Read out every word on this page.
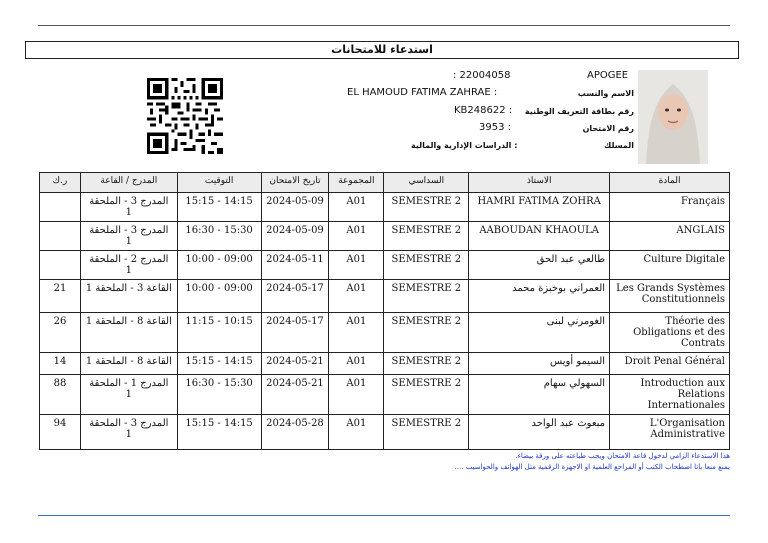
استدعاء للامتحانات
: 22004058	APOGEE
EL HAMOUD FATIMA ZAHRAE :	الاسم والنسب
KB248622 : رقم بطاقة التعريف الوطنية
3953 :	رقم الامتحان
الدراسات الإدارية والمالية :	المسلك
ر.ك	المدرج / القاعة	التوقيت	تاريخ الامتحان	المجموعة	السداسي	الاستاذ	المادة
	المدرج 3 - الملحقة 1	15:15 - 14:15	2024-05-09	A01	SEMESTRE 2	HAMRI FATIMA ZOHRA	Français
	المدرج 3 - الملحقة 1	16:30 - 15:30	2024-05-09	A01	SEMESTRE 2	AABOUDAN KHAOULA	ANGLAIS
	المدرج 2 - الملحقة 1	10:00 - 09:00	2024-05-11	A01	SEMESTRE 2	طالعي عبد الحق	Culture Digitale
21	القاعة 3 - الملحقة 1	10:00 - 09:00	2024-05-17	A01	SEMESTRE 2	العمراني بوخبزة محمد	Les Grands Systèmes Constitutionnels
26	القاعة 8 - الملحقة 1	11:15 - 10:15	2024-05-17	A01	SEMESTRE 2	الغومرني لبنى	Théorie des Obligations et des Contrats
14	القاعة 8 - الملحقة 1	15:15 - 14:15	2024-05-21	A01	SEMESTRE 2	السيمو أويس	Droit Penal Général
88	المدرج 1 - الملحقة 1	16:30 - 15:30	2024-05-21	A01	SEMESTRE 2	السهولي سهام	Introduction aux Relations Internationales
94	المدرج 3 - الملحقة 1	15:15 - 14:15	2024-05-28	A01	SEMESTRE 2	مبعوث عبد الواحد	L'Organisation Administrative
هذا الاستدعاء الزامي لدخول قاعة الامتحان ويجب طباعته على ورقة بيضاء.
يمنع منعا باتا اصطحاب الكتب أو المراجع العلمية او الاجهزة الرقمية مثل الهواتف والحواسيب ....
